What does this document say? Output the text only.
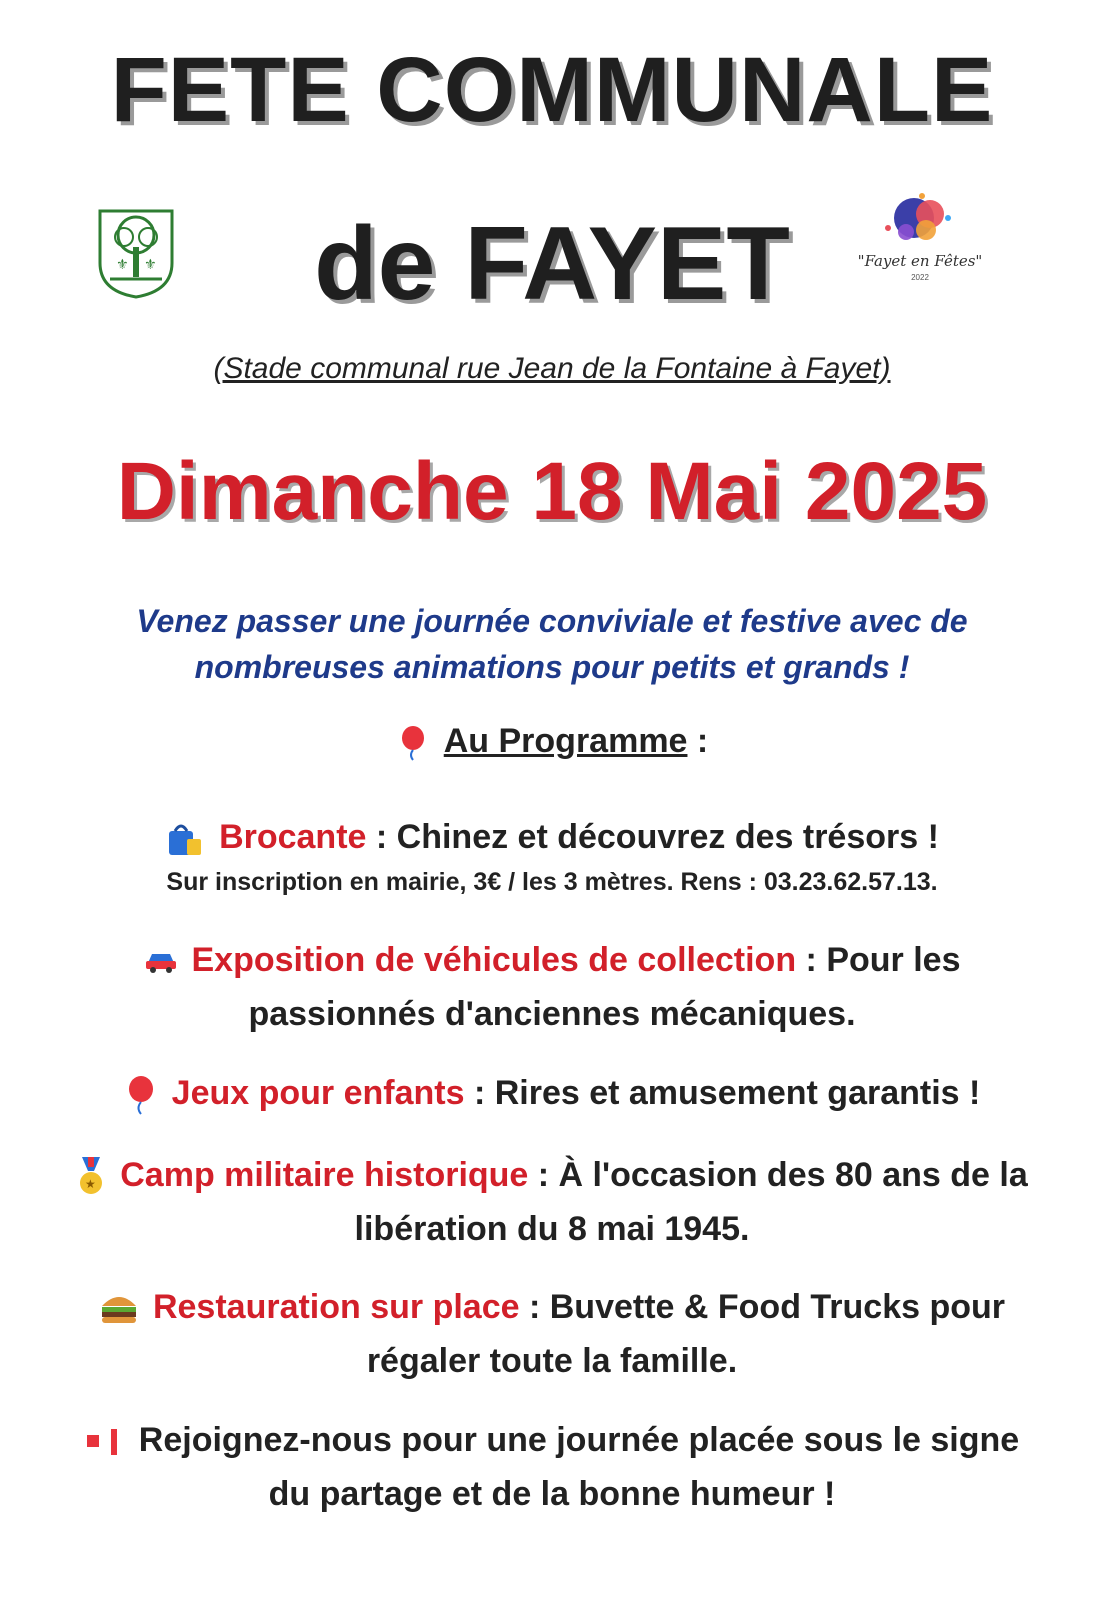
FETE COMMUNALE
⚜ ⚜	de FAYET	"Fayet en Fêtes"
2022
(Stade communal rue Jean de la Fontaine à Fayet)
Dimanche 18 Mai 2025
Venez passer une journée conviviale et festive avec de
nombreuses animations pour petits et grands !
Au Programme :
Brocante : Chinez et découvrez des trésors !
Sur inscription en mairie, 3€ / les 3 mètres. Rens : 03.23.62.57.13.
Exposition de véhicules de collection : Pour les
passionnés d'anciennes mécaniques.
Jeux pour enfants : Rires et amusement garantis !
★ Camp militaire historique : À l'occasion des 80 ans de la
libération du 8 mai 1945.
Restauration sur place : Buvette & Food Trucks pour
régaler toute la famille.
Rejoignez-nous pour une journée placée sous le signe
du partage et de la bonne humeur !
